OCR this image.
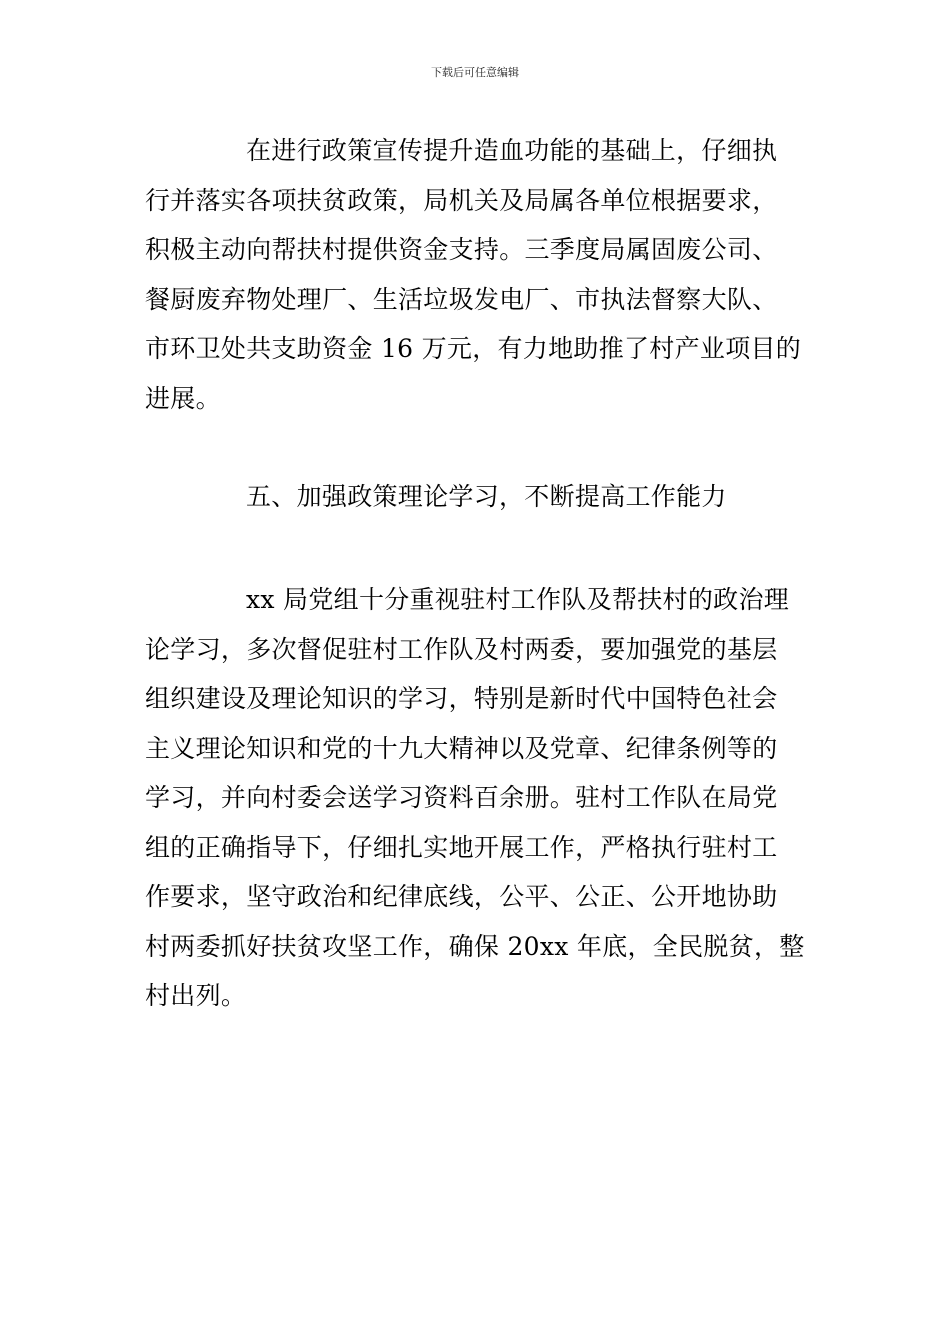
下载后可任意编辑

在进行政策宣传提升造血功能的基础上，仔细执
行并落实各项扶贫政策，局机关及局属各单位根据要求，
积极主动向帮扶村提供资金支持。三季度局属固废公司、
餐厨废弃物处理厂、生活垃圾发电厂、市执法督察大队、
市环卫处共支助资金 16 万元，有力地助推了村产业项目的
进展。

五、加强政策理论学习，不断提高工作能力

xx 局党组十分重视驻村工作队及帮扶村的政治理
论学习，多次督促驻村工作队及村两委，要加强党的基层
组织建设及理论知识的学习，特别是新时代中国特色社会
主义理论知识和党的十九大精神以及党章、纪律条例等的
学习，并向村委会送学习资料百余册。驻村工作队在局党
组的正确指导下，仔细扎实地开展工作，严格执行驻村工
作要求，坚守政治和纪律底线，公平、公正、公开地协助
村两委抓好扶贫攻坚工作，确保 20xx 年底，全民脱贫，整
村出列。
